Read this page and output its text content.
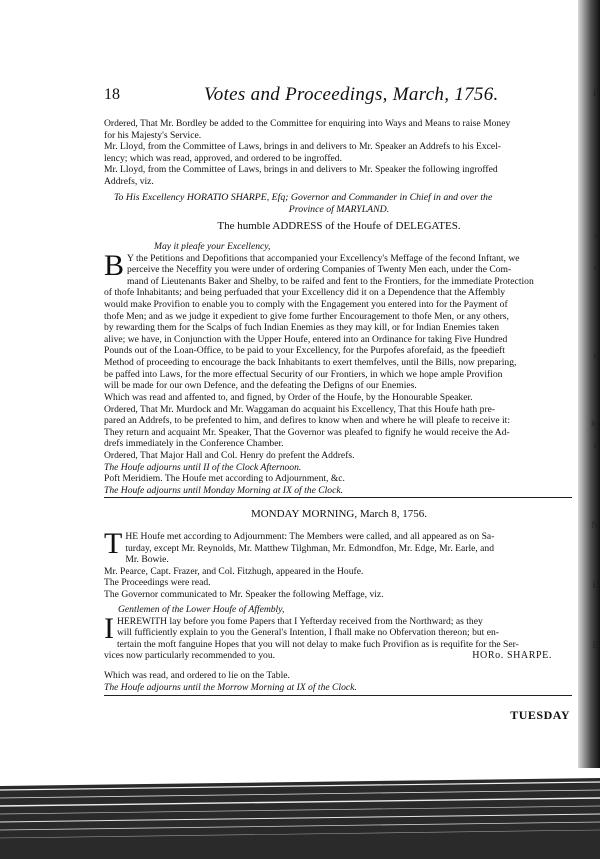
P
a
e
n
in
d
N
E
E
18	Votes and Proceedings, March, 1756.
Ordered, That Mr. Bordley be added to the Committee for enquiring into Ways and Means to raise Money
for his Majesty's Service.
Mr. Lloyd, from the Committee of Laws, brings in and delivers to Mr. Speaker an Addrefs to his Excel-
lency; which was read, approved, and ordered to be ingroffed.
Mr. Lloyd, from the Committee of Laws, brings in and delivers to Mr. Speaker the following ingroffed
Addrefs, viz.
To His Excellency HORATIO SHARPE, Efq; Governor and Commander in Chief in and over the
Province of MARYLAND.
The humble ADDRESS of the Houfe of DELEGATES.
May it pleafe your Excellency,
B Y the Petitions and Depofitions that accompanied your Excellency's Meffage of the fecond Inftant, we
perceive the Neceffity you were under of ordering Companies of Twenty Men each, under the Com-
mand of Lieutenants Baker and Shelby, to be raifed and fent to the Frontiers, for the immediate Protection
of thofe Inhabitants; and being perfuaded that your Excellency did it on a Dependence that the Affembly
would make Provifion to enable you to comply with the Engagement you entered into for the Payment of
thofe Men; and as we judge it expedient to give fome further Encouragement to thofe Men, or any others,
by rewarding them for the Scalps of fuch Indian Enemies as they may kill, or for Indian Enemies taken
alive; we have, in Conjunction with the Upper Houfe, entered into an Ordinance for taking Five Hundred
Pounds out of the Loan-Office, to be paid to your Excellency, for the Purpofes aforefaid, as the fpeedieft
Method of proceeding to encourage the back Inhabitants to exert themfelves, until the Bills, now preparing,
be paffed into Laws, for the more effectual Security of our Frontiers, in which we hope ample Provifion
will be made for our own Defence, and the defeating the Defigns of our Enemies.
Which was read and affented to, and figned, by Order of the Houfe, by the Honourable Speaker.
Ordered, That Mr. Murdock and Mr. Waggaman do acquaint his Excellency, That this Houfe hath pre-
pared an Addrefs, to be prefented to him, and defires to know when and where he will pleafe to receive it:
They return and acquaint Mr. Speaker, That the Governor was pleafed to fignify he would receive the Ad-
drefs immediately in the Conference Chamber.
Ordered, That Major Hall and Col. Henry do prefent the Addrefs.
The Houfe adjourns until II of the Clock Afternoon.
Poft Meridiem. The Houfe met according to Adjournment, &c.
The Houfe adjourns until Monday Morning at IX of the Clock.
MONDAY MORNING, March 8, 1756.
T HE Houfe met according to Adjournment: The Members were called, and all appeared as on Sa-
turday, except Mr. Reynolds, Mr. Matthew Tilghman, Mr. Edmondfon, Mr. Edge, Mr. Earle, and
Mr. Bowie.
Mr. Pearce, Capt. Frazer, and Col. Fitzhugh, appeared in the Houfe.
The Proceedings were read.
The Governor communicated to Mr. Speaker the following Meffage, viz.
Gentlemen of the Lower Houfe of Affembly,
I HEREWITH lay before you fome Papers that I Yefterday received from the Northward; as they
will fufficiently explain to you the General's Intention, I fhall make no Obfervation thereon; but en-
tertain the moft fanguine Hopes that you will not delay to make fuch Provifion as is requifite for the Ser-
vices now particularly recommended to you.	HORo. SHARPE.
Which was read, and ordered to lie on the Table.
The Houfe adjourns until the Morrow Morning at IX of the Clock.
TUESDAY
